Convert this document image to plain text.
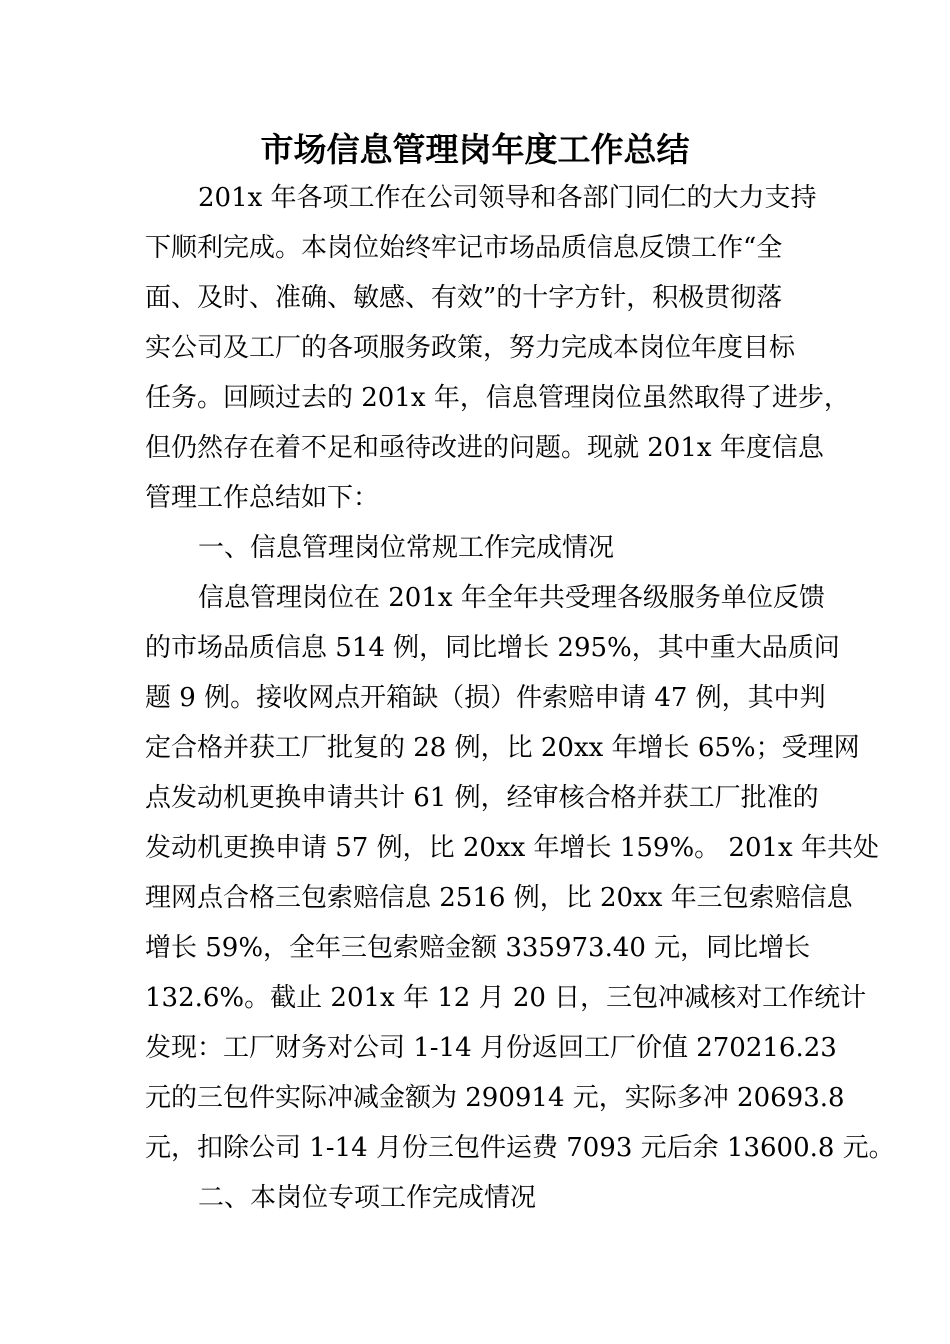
市场信息管理岗年度工作总结
201x 年各项工作在公司领导和各部门同仁的大力支持
下顺利完成。本岗位始终牢记市场品质信息反馈工作“全
面、及时、准确、敏感、有效”的十字方针，积极贯彻落
实公司及工厂的各项服务政策，努力完成本岗位年度目标
任务。回顾过去的 201x 年，信息管理岗位虽然取得了进步，
但仍然存在着不足和亟待改进的问题。现就 201x 年度信息
管理工作总结如下：
一、信息管理岗位常规工作完成情况
信息管理岗位在 201x 年全年共受理各级服务单位反馈
的市场品质信息 514 例，同比增长 295%，其中重大品质问
题 9 例。接收网点开箱缺（损）件索赔申请 47 例，其中判
定合格并获工厂批复的 28 例，比 20xx 年增长 65%；受理网
点发动机更换申请共计 61 例，经审核合格并获工厂批准的
发动机更换申请 57 例，比 20xx 年增长 159%。 201x 年共处
理网点合格三包索赔信息 2516 例，比 20xx 年三包索赔信息
增长 59%，全年三包索赔金额 335973.40 元，同比增长
132.6%。截止 201x 年 12 月 20 日，三包冲减核对工作统计
发现：工厂财务对公司 1-14 月份返回工厂价值 270216.23
元的三包件实际冲减金额为 290914 元，实际多冲 20693.8
元，扣除公司 1-14 月份三包件运费 7093 元后余 13600.8 元。
二、本岗位专项工作完成情况
